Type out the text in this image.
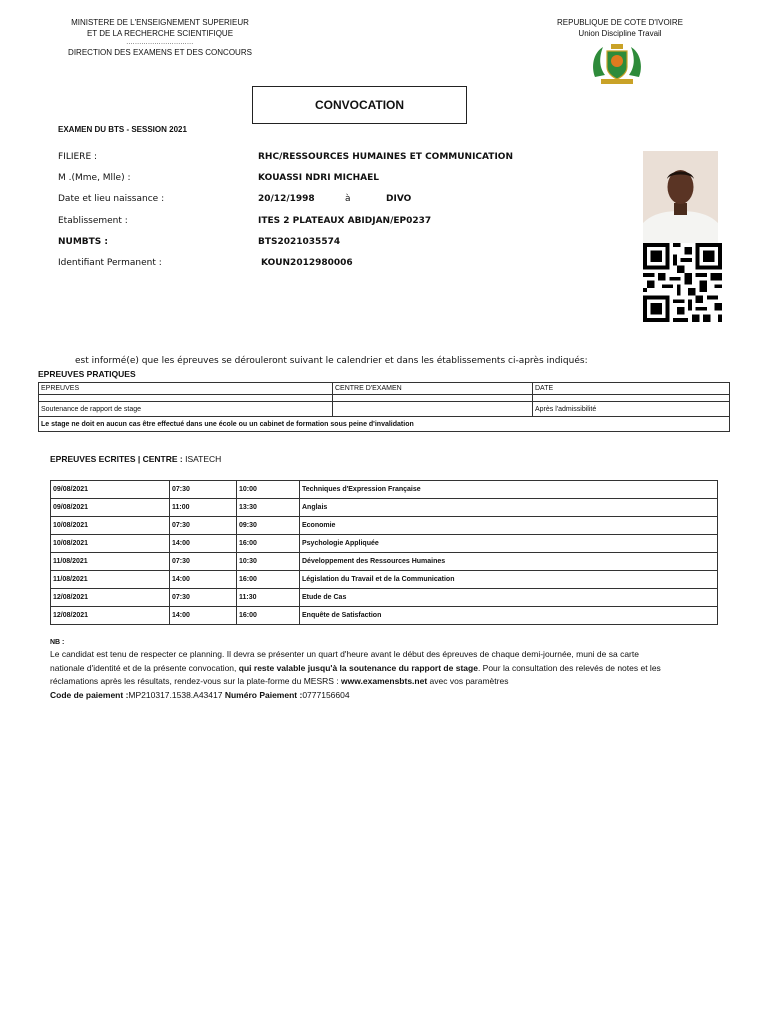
MINISTERE DE L'ENSEIGNEMENT SUPERIEUR
ET DE LA RECHERCHE SCIENTIFIQUE
...............................
DIRECTION DES EXAMENS ET DES CONCOURS
REPUBLIQUE DE COTE D'IVOIRE
Union Discipline Travail
CONVOCATION
EXAMEN DU BTS - SESSION 2021
FILIERE :	RHC/RESSOURCES HUMAINES ET COMMUNICATION
M .(Mme, Mlle) :	KOUASSI NDRI MICHAEL
Date et lieu naissance :	20/12/1998	à	DIVO
Etablissement :	ITES 2 PLATEAUX ABIDJAN/EP0237
NUMBTS :	BTS2021035574
Identifiant Permanent :	KOUN2012980006
est informé(e) que les épreuves se dérouleront suivant le calendrier et dans les établissements ci-après indiqués:
EPREUVES PRATIQUES
EPREUVES	CENTRE D'EXAMEN	DATE

Soutenance de rapport de stage		Après l'admissibilité
Le stage ne doit en aucun cas être effectué dans une école ou un cabinet de formation sous peine d'invalidation		
EPREUVES ECRITES | CENTRE : ISATECH
09/08/2021	07:30	10:00	Techniques d'Expression Française
09/08/2021	11:00	13:30	Anglais
10/08/2021	07:30	09:30	Economie
10/08/2021	14:00	16:00	Psychologie Appliquée
11/08/2021	07:30	10:30	Développement des Ressources Humaines
11/08/2021	14:00	16:00	Législation du Travail et de la Communication
12/08/2021	07:30	11:30	Etude de Cas
12/08/2021	14:00	16:00	Enquête de Satisfaction
NB :
Le candidat est tenu de respecter ce planning. Il devra se présenter un quart d'heure avant le début des épreuves de chaque demi-journée, muni de sa carte nationale d'identité et de la présente convocation, qui reste valable jusqu'à la soutenance du rapport de stage. Pour la consultation des relevés de notes et les réclamations après les résultats, rendez-vous sur la plate-forme du MESRS : www.examensbts.net avec vos paramètres
Code de paiement :MP210317.1538.A43417 Numéro Paiement :0777156604
